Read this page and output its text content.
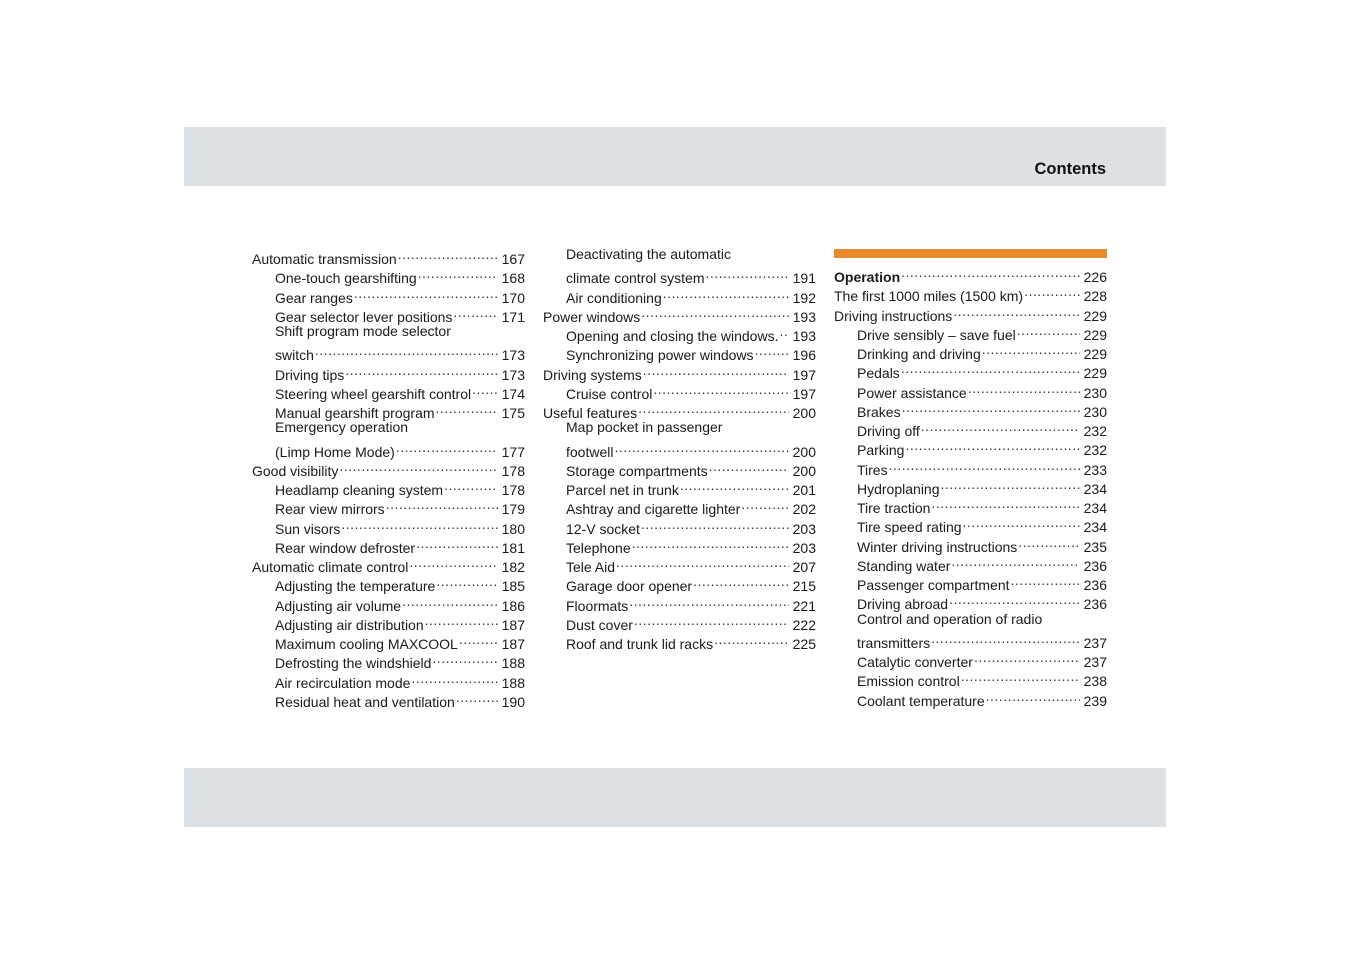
Contents
Automatic transmission .....	167
One-touch gearshifting .....	168
Gear ranges .....	170
Gear selector lever positions .....	171
Shift program mode selector
switch .....	173
Driving tips .....	173
Steering wheel gearshift control ..... 174
Manual gearshift program .....	175
Emergency operation
(Limp Home Mode) .....	177
Good visibility .....	178
Headlamp cleaning system .....	178
Rear view mirrors .....	179
Sun visors .....	180
Rear window defroster .....	181
Automatic climate control .....	182
Adjusting the temperature .....	185
Adjusting air volume .....	186
Adjusting air distribution .....	187
Maximum cooling MAXCOOL .....	187
Defrosting the windshield .....	188
Air recirculation mode .....	188
Residual heat and ventilation .....	190
Deactivating the automatic
climate control system .....	191
Air conditioning .....	192
Power windows .....	193
Opening and closing the windows. ..... 193
Synchronizing power windows .....	196
Driving systems .....	197
Cruise control .....	197
Useful features .....	200
Map pocket in passenger
footwell .....	200
Storage compartments .....	200
Parcel net in trunk .....	201
Ashtray and cigarette lighter .....	202
12-V socket .....	203
Telephone .....	203
Tele Aid .....	207
Garage door opener .....	215
Floormats .....	221
Dust cover .....	222
Roof and trunk lid racks .....	225
Operation .....	226
The first 1000 miles (1500 km) .....	228
Driving instructions .....	229
Drive sensibly – save fuel .....	229
Drinking and driving .....	229
Pedals .....	229
Power assistance .....	230
Brakes .....	230
Driving off .....	232
Parking .....	232
Tires .....	233
Hydroplaning .....	234
Tire traction .....	234
Tire speed rating .....	234
Winter driving instructions .....	235
Standing water .....	236
Passenger compartment .....	236
Driving abroad .....	236
Control and operation of radio
transmitters .....	237
Catalytic converter .....	237
Emission control .....	238
Coolant temperature .....	239
